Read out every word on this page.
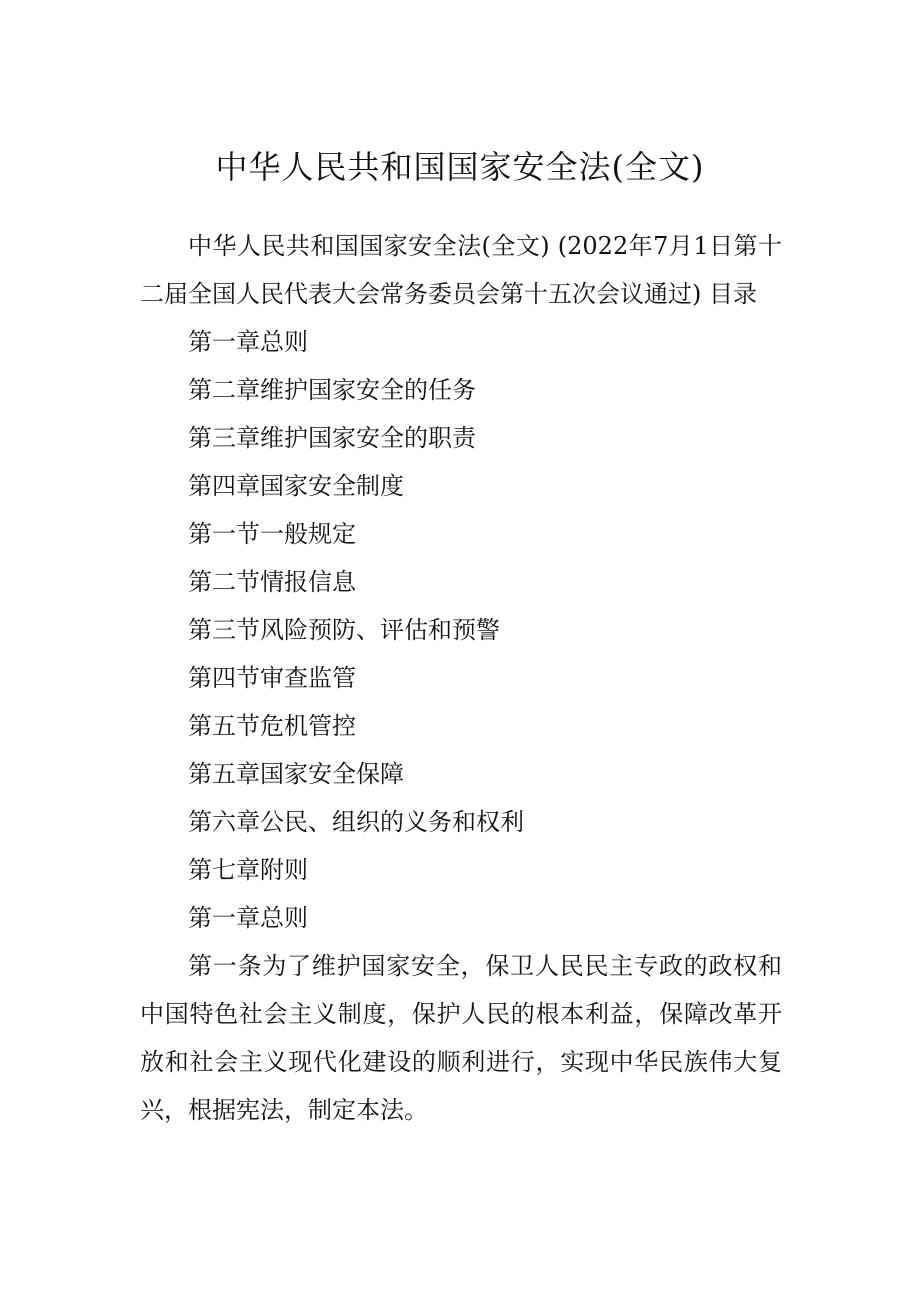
中华人民共和国国家安全法(全文)

中华人民共和国国家安全法(全文) (2022年7月1日第十二届全国人民代表大会常务委员会第十五次会议通过) 目录

第一章总则

第二章维护国家安全的任务

第三章维护国家安全的职责

第四章国家安全制度

第一节一般规定

第二节情报信息

第三节风险预防、评估和预警

第四节审查监管

第五节危机管控

第五章国家安全保障

第六章公民、组织的义务和权利

第七章附则

第一章总则

第一条为了维护国家安全，保卫人民民主专政的政权和中国特色社会主义制度，保护人民的根本利益，保障改革开放和社会主义现代化建设的顺利进行，实现中华民族伟大复兴，根据宪法，制定本法。
